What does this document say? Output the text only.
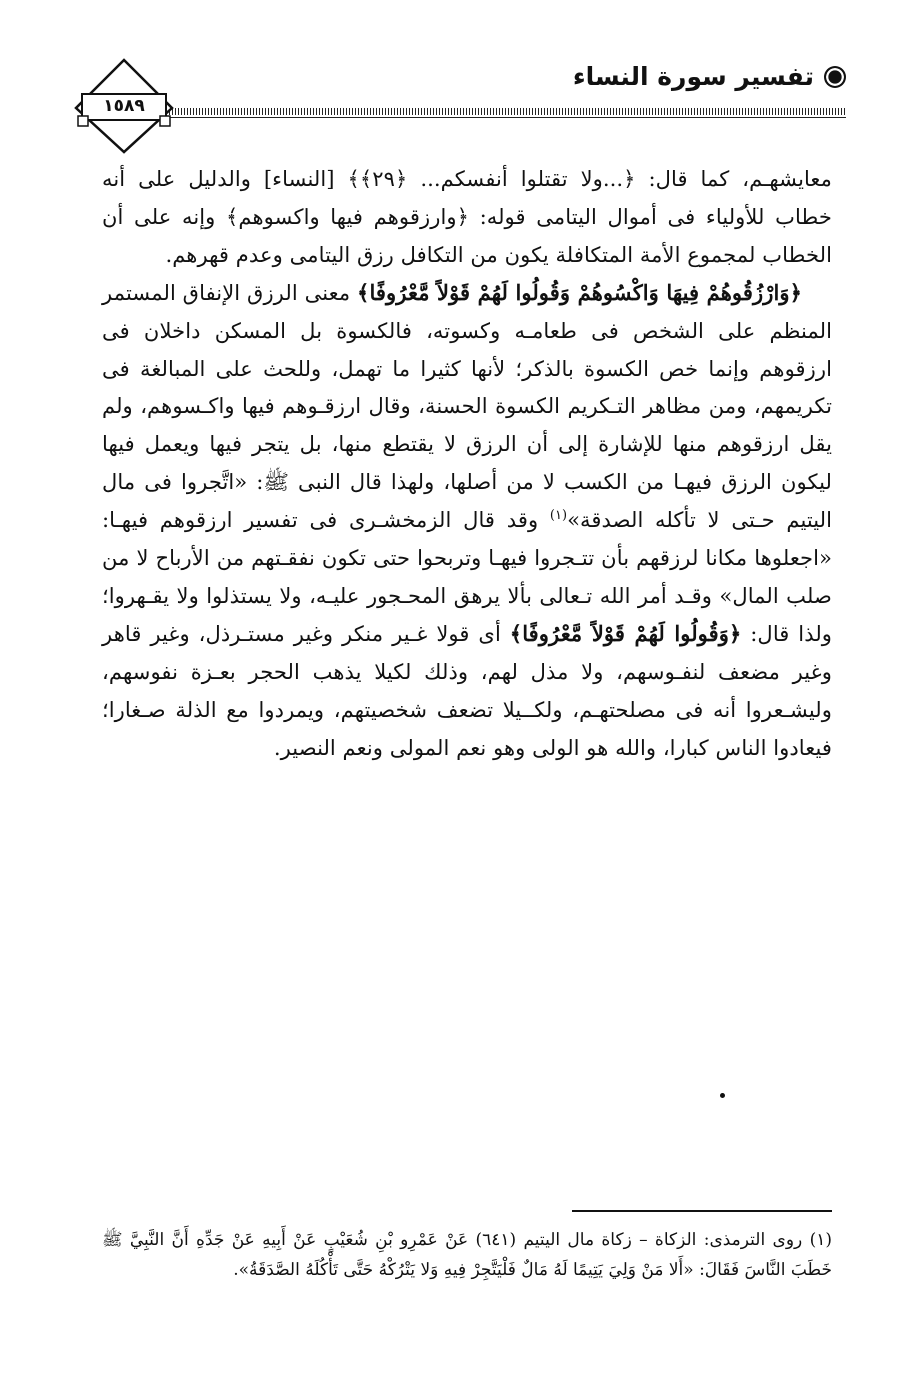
تفسير سورة النساء
١٥٨٩

معايشهـم، كما قال: ﴿...ولا تقتلوا أنفسكم... ﴿٢٩﴾﴾ [النساء] والدليل على أنه خطاب للأولياء فى أموال اليتامى قوله: ﴿وارزقوهم فيها واكسوهم﴾ وإنه على أن الخطاب لمجموع الأمة المتكافلة يكون من التكافل رزق اليتامى وعدم قهرهم.

﴿وَارْزُقُوهُمْ فِيهَا وَاكْسُوهُمْ وَقُولُوا لَهُمْ قَوْلاً مَّعْرُوفًا﴾ معنى الرزق الإنفاق المستمر المنظم على الشخص فى طعامـه وكسوته، فالكسوة بل المسكن داخلان فى ارزقوهم وإنما خص الكسوة بالذكر؛ لأنها كثيرا ما تهمل، وللحث على المبالغة فى تكريمهم، ومن مظاهر التـكريم الكسوة الحسنة، وقال ارزقـوهم فيها واكـسوهم، ولم يقل ارزقوهم منها للإشارة إلى أن الرزق لا يقتطع منها، بل يتجر فيها ويعمل فيها ليكون الرزق فيهـا من الكسب لا من أصلها، ولهذا قال النبى ﷺ: «اتَّجروا فى مال اليتيم حـتى لا تأكله الصدقة»$^{(١)}$ وقد قال الزمخشـرى فى تفسير ارزقوهم فيهـا: «اجعلوها مكانا لرزقهم بأن تتـجروا فيهـا وتربحوا حتى تكون نفقـتهم من الأرباح لا من صلب المال» وقـد أمر الله تـعالى بألا يرهق المحـجور عليـه، ولا يستذلوا ولا يقـهروا؛ ولذا قال: ﴿وَقُولُوا لَهُمْ قَوْلاً مَّعْرُوفًا﴾ أى قولا غـير منكر وغير مستـرذل، وغير قاهر وغير مضعف لنفـوسهم، ولا مذل لهم، وذلك لكيلا يذهب الحجر بعـزة نفوسهم، وليشـعروا أنه فى مصلحتهـم، ولكــيلا تضعف شخصيتهم، ويمردوا مع الذلة صـغارا؛ فيعادوا الناس كبارا، والله هو الولى وهو نعم المولى ونعم النصير.

(١) روى الترمذى: الزكاة – زكاة مال اليتيم (٦٤١) عَنْ عَمْرِو بْنِ شُعَيْبٍ عَنْ أَبِيهِ عَنْ جَدِّهِ أَنَّ النَّبِيَّ ﷺ خَطَبَ النَّاسَ فَقَالَ: «أَلا مَنْ وَلِيَ يَتِيمًا لَهُ مَالٌ فَلْيَتَّجِرْ فِيهِ وَلا يَتْرُكْهُ حَتَّى تَأْكُلَهُ الصَّدَقَةُ».
